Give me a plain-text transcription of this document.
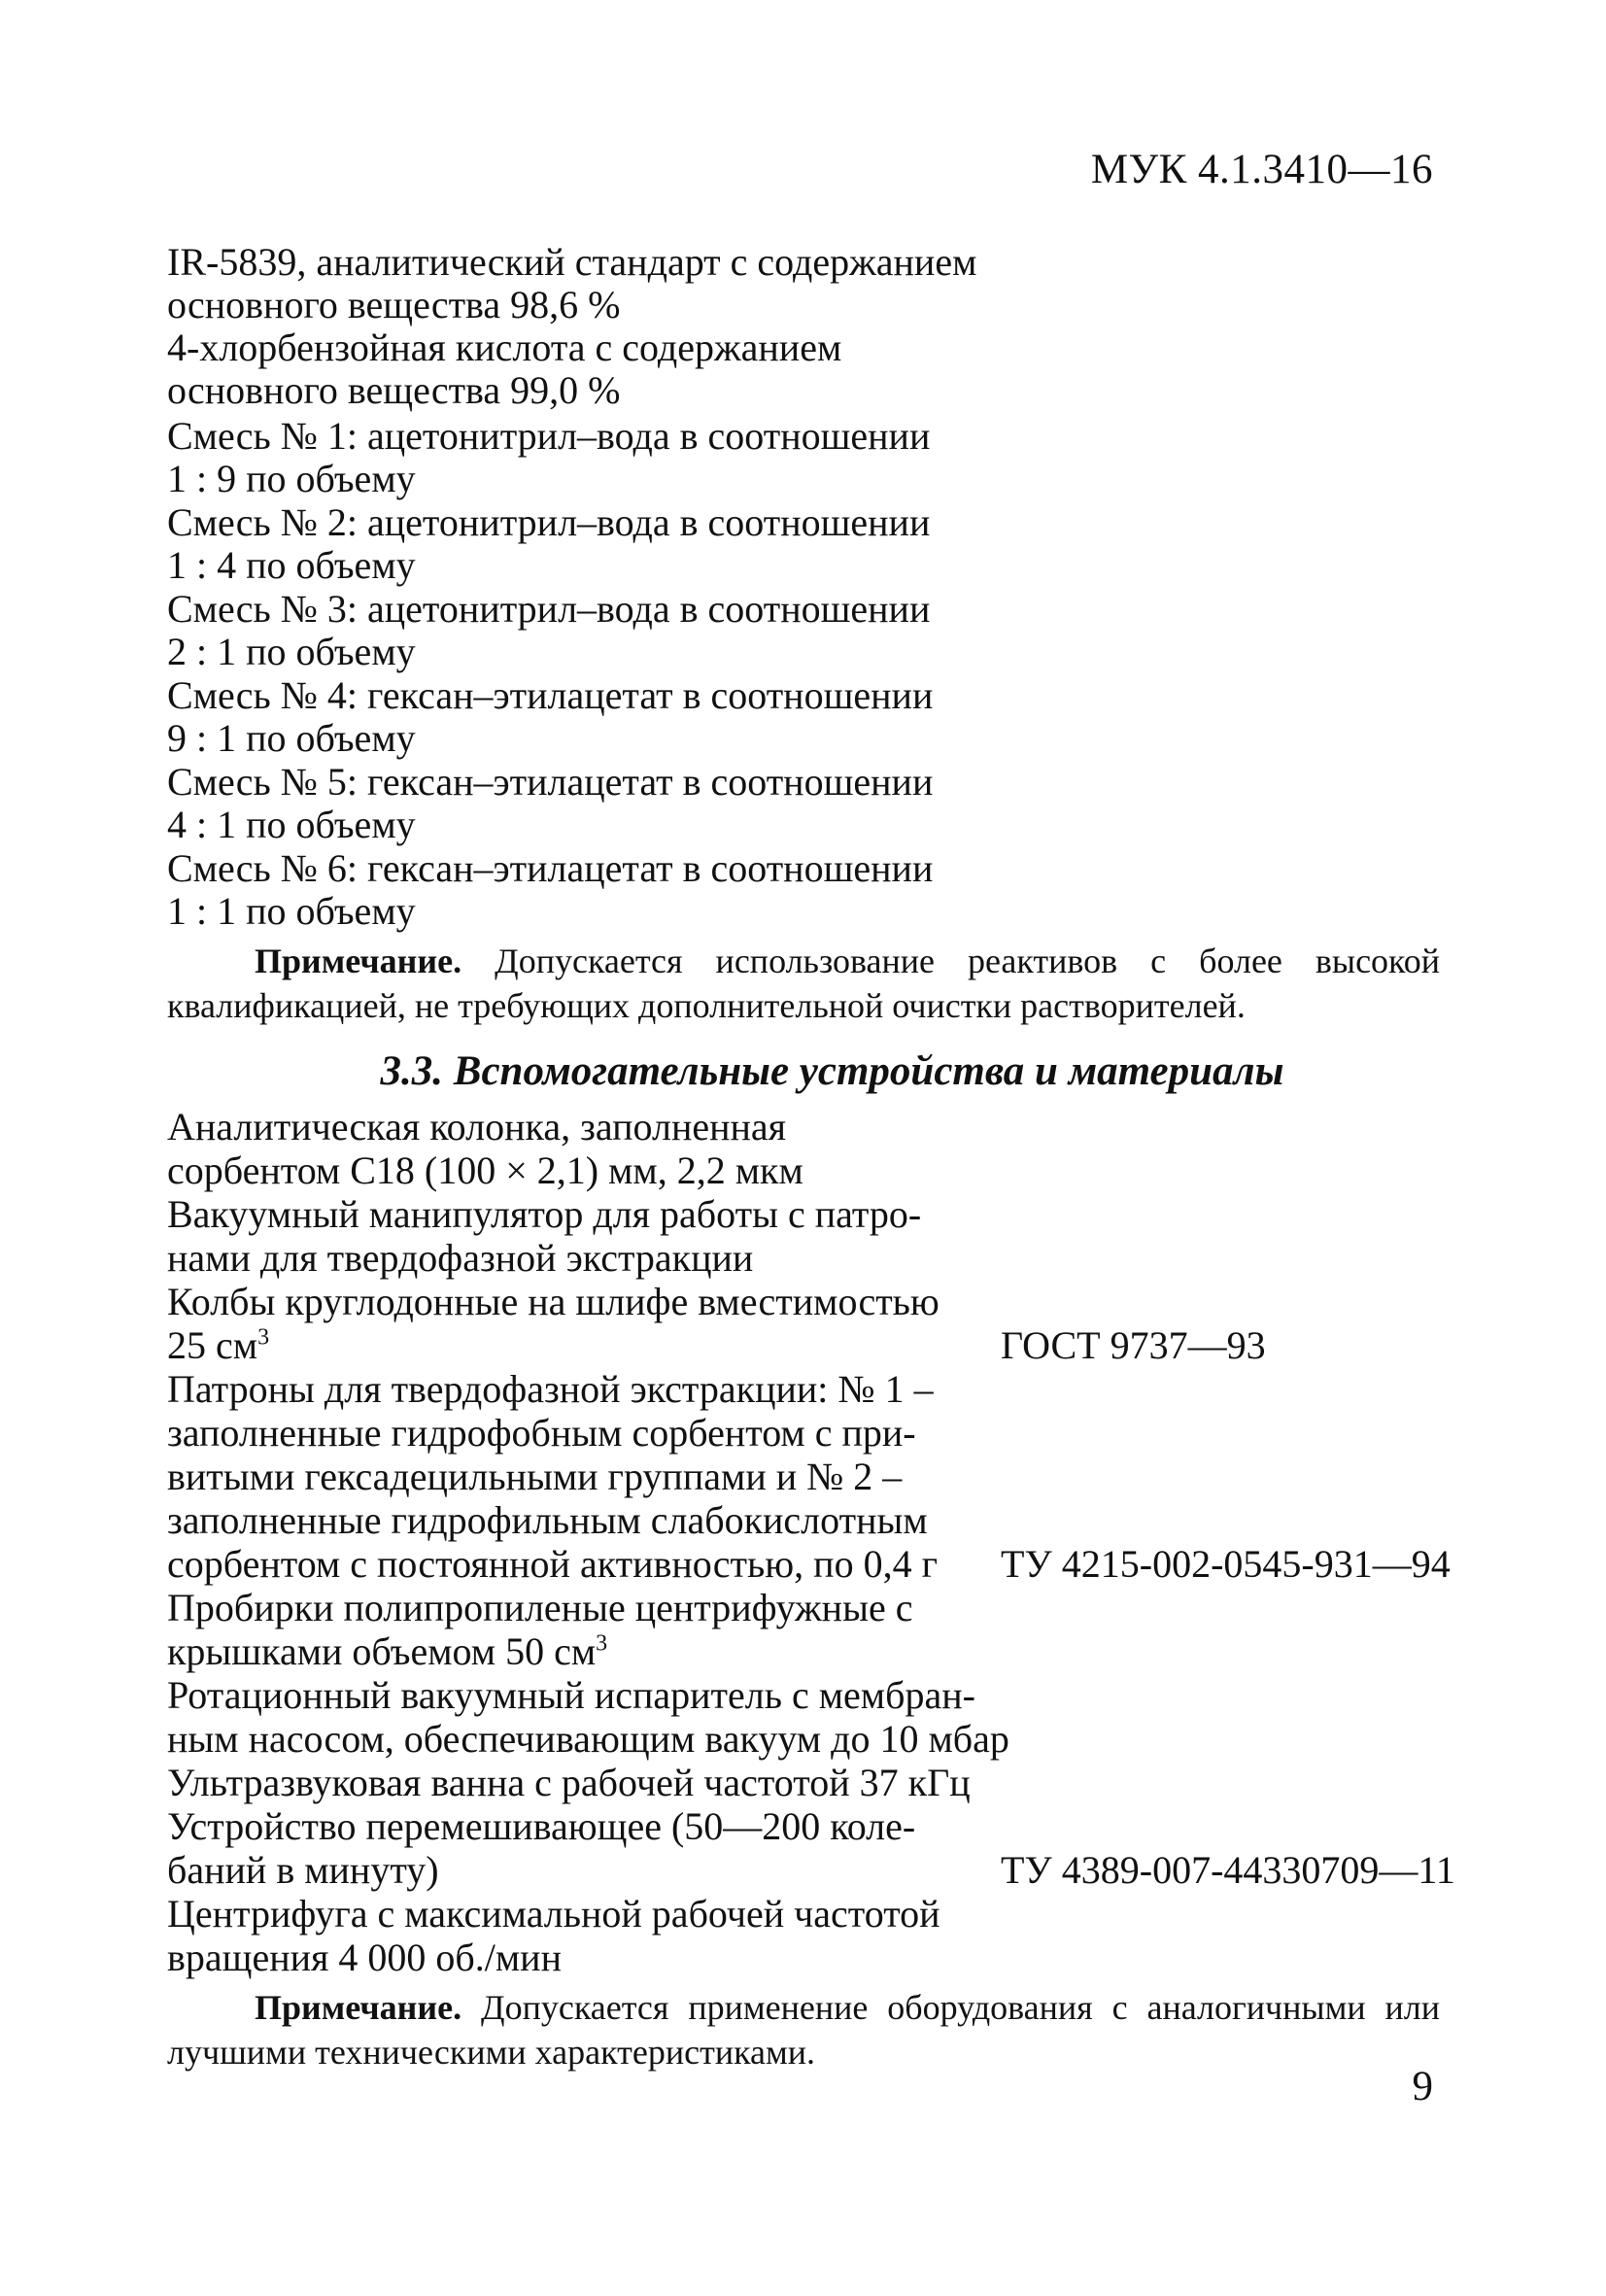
МУК 4.1.3410—16
IR-5839, аналитический стандарт с содержанием
основного вещества 98,6 %
4-хлорбензойная кислота с содержанием
основного вещества 99,0 %
Смесь № 1: ацетонитрил–вода в соотношении
1 : 9 по объему
Смесь № 2: ацетонитрил–вода в соотношении
1 : 4 по объему
Смесь № 3: ацетонитрил–вода в соотношении
2 : 1 по объему
Смесь № 4: гексан–этилацетат в соотношении
9 : 1 по объему
Смесь № 5: гексан–этилацетат в соотношении
4 : 1 по объему
Смесь № 6: гексан–этилацетат в соотношении
1 : 1 по объему
Примечание. Допускается использование реактивов с более высокой квалификацией, не требующих дополнительной очистки растворителей.
3.3. Вспомогательные устройства и материалы
Аналитическая колонка, заполненная
сорбентом С18 (100 × 2,1) мм, 2,2 мкм
Вакуумный манипулятор для работы с патро-
нами для твердофазной экстракции
Колбы круглодонные на шлифе вместимостью
25 $см^3$	ГОСТ 9737—93
Патроны для твердофазной экстракции: № 1 –
заполненные гидрофобным сорбентом с при-
витыми гексадецильными группами и № 2 –
заполненные гидрофильным слабокислотным
сорбентом с постоянной активностью, по 0,4 г ТУ 4215-002-0545-931—94
Пробирки полипропиленые центрифужные с
крышками объемом 50 $см^3$
Ротационный вакуумный испаритель с мембран-
ным насосом, обеспечивающим вакуум до 10 мбар
Ультразвуковая ванна с рабочей частотой 37 кГц
Устройство перемешивающее (50—200 коле-
баний в минуту)	ТУ 4389-007-44330709—11
Центрифуга с максимальной рабочей частотой
вращения 4 000 об./мин
Примечание. Допускается применение оборудования с аналогичными или лучшими техническими характеристиками.
9
